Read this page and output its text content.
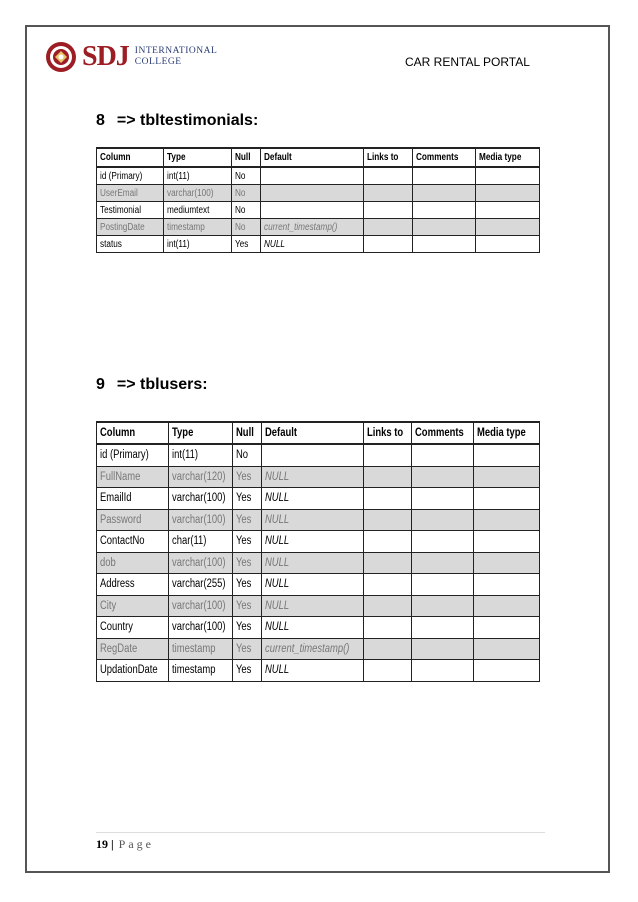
SDJ INTERNATIONAL
COLLEGE	CAR RENTAL PORTAL
8 => tbltestimonials:
Column	Type	Null	Default	Links to	Comments	Media type
id (Primary)	int(11)	No				
UserEmail	varchar(100)	No				
Testimonial	mediumtext	No				
PostingDate	timestamp	No	current_timestamp()			
status	int(11)	Yes	NULL			
9 => tblusers:
Column	Type	Null	Default	Links to	Comments	Media type
id (Primary)	int(11)	No				
FullName	varchar(120)	Yes	NULL			
EmailId	varchar(100)	Yes	NULL			
Password	varchar(100)	Yes	NULL			
ContactNo	char(11)	Yes	NULL			
dob	varchar(100)	Yes	NULL			
Address	varchar(255)	Yes	NULL			
City	varchar(100)	Yes	NULL			
Country	varchar(100)	Yes	NULL			
RegDate	timestamp	Yes	current_timestamp()			
UpdationDate	timestamp	Yes	NULL			
19 | Page
